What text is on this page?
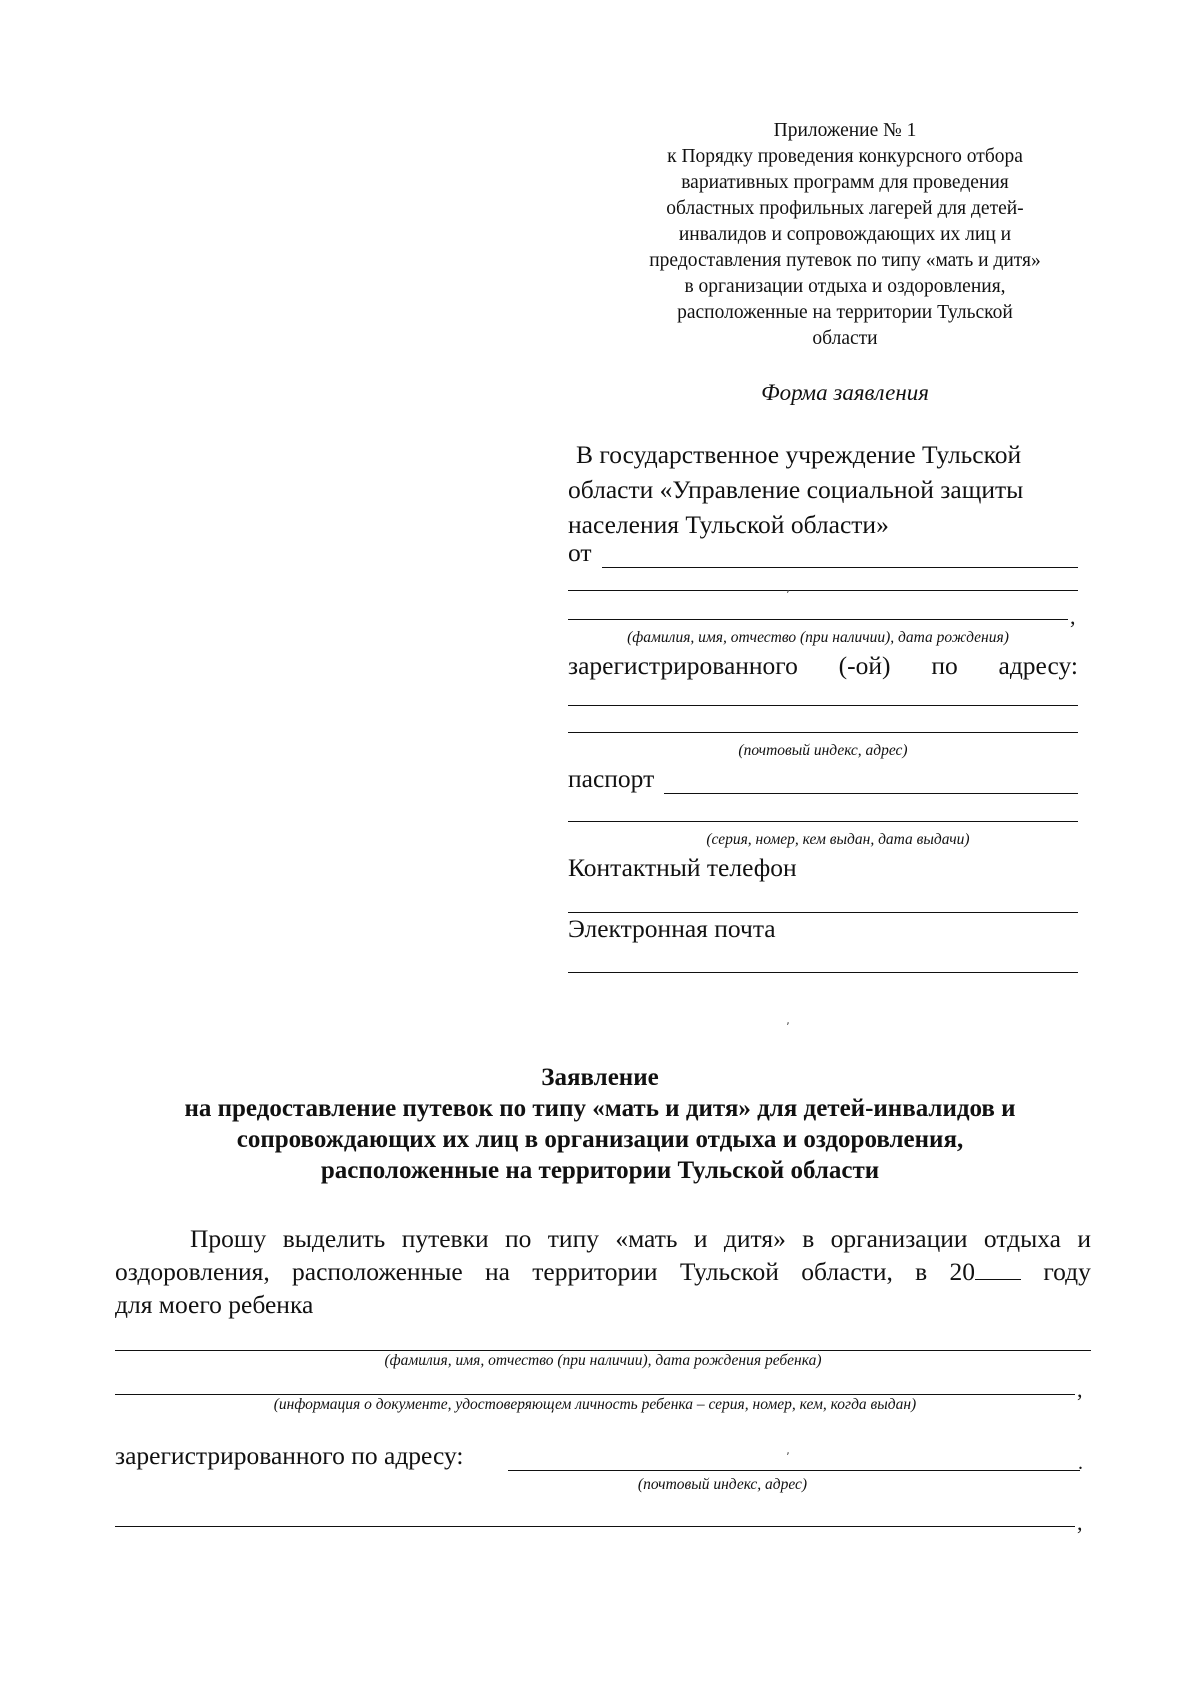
Приложение № 1
к Порядку проведения конкурсного отбора
вариативных программ для проведения
областных профильных лагерей для детей-
инвалидов и сопровождающих их лиц и
предоставления путевок по типу «мать и дитя»
в организации отдыха и оздоровления,
расположенные на территории Тульской
области
Форма заявления
В государственное учреждение Тульской
области «Управление социальной защиты
населения Тульской области»
от
,
٬
(фамилия, имя, отчество (при наличии), дата рождения)
зарегистрированного (-ой) по адресу:
(почтовый индекс, адрес)
паспорт
(серия, номер, кем выдан, дата выдачи)
Контактный телефон
Электронная почта
٬
Заявление
на предоставление путевок по типу «мать и дитя» для детей-инвалидов и
сопровождающих их лиц в организации отдыха и оздоровления,
расположенные на территории Тульской области
Прошу выделить путевки по типу «мать и дитя» в организации отдыха и
оздоровления, расположенные на территории Тульской области, в 20	году
для моего ребенка
(фамилия, имя, отчество (при наличии), дата рождения ребенка)
,
(информация о документе, удостоверяющем личность ребенка – серия, номер, кем, когда выдан)
зарегистрированного по адресу:	.
٬
(почтовый индекс, адрес)
,
